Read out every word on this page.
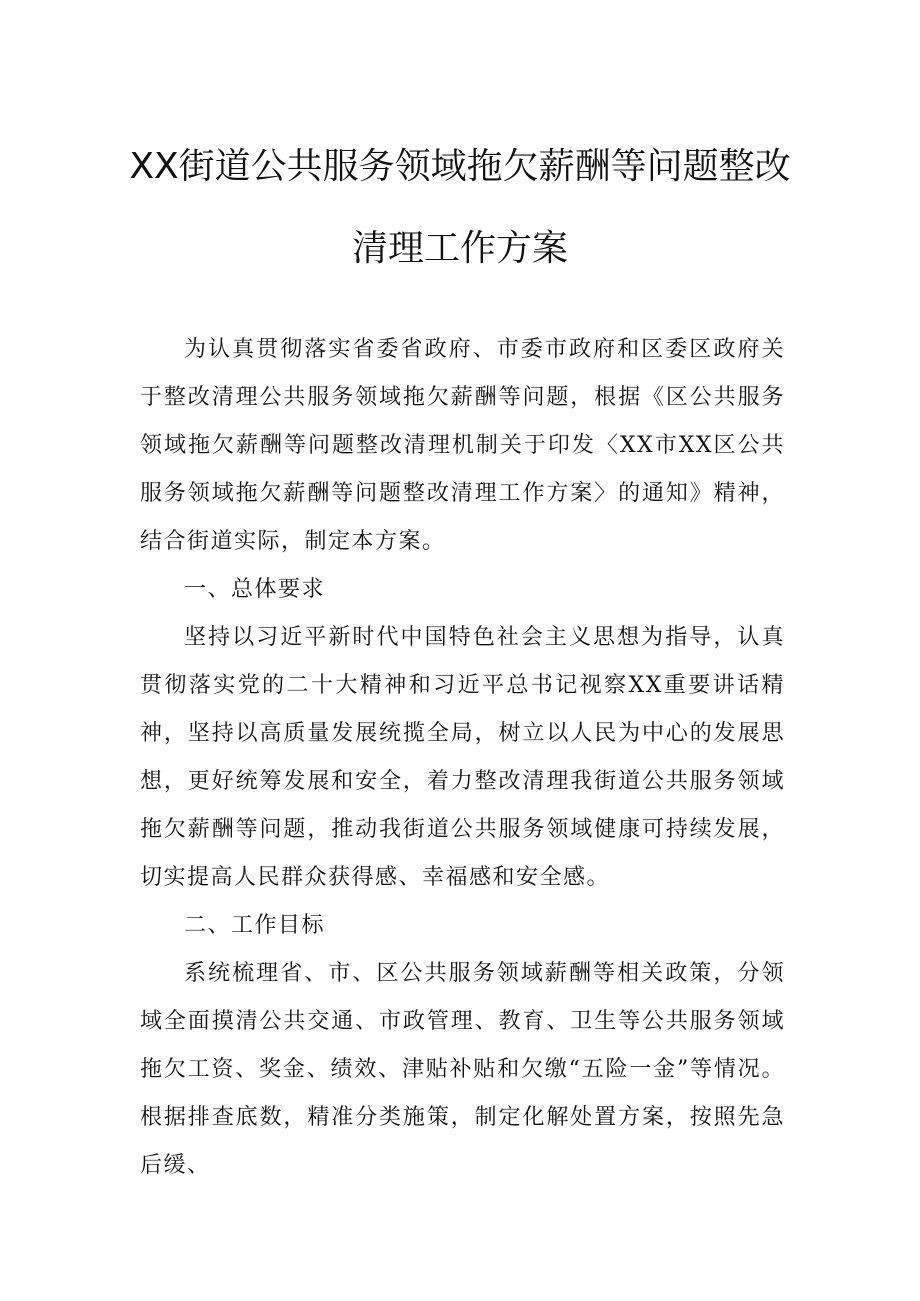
XX街道公共服务领域拖欠薪酬等问题整改
清理工作方案

为认真贯彻落实省委省政府、市委市政府和区委区政府关于整改清理公共服务领域拖欠薪酬等问题，根据《区公共服务领域拖欠薪酬等问题整改清理机制关于印发〈XX市XX区公共服务领域拖欠薪酬等问题整改清理工作方案〉的通知》精神，结合街道实际，制定本方案。

一、总体要求

坚持以习近平新时代中国特色社会主义思想为指导，认真贯彻落实党的二十大精神和习近平总书记视察XX重要讲话精神，坚持以高质量发展统揽全局，树立以人民为中心的发展思想，更好统筹发展和安全，着力整改清理我街道公共服务领域拖欠薪酬等问题，推动我街道公共服务领域健康可持续发展，切实提高人民群众获得感、幸福感和安全感。

二、工作目标

系统梳理省、市、区公共服务领域薪酬等相关政策，分领域全面摸清公共交通、市政管理、教育、卫生等公共服务领域拖欠工资、奖金、绩效、津贴补贴和欠缴“五险一金”等情况。根据排查底数，精准分类施策，制定化解处置方案，按照先急后缓、
